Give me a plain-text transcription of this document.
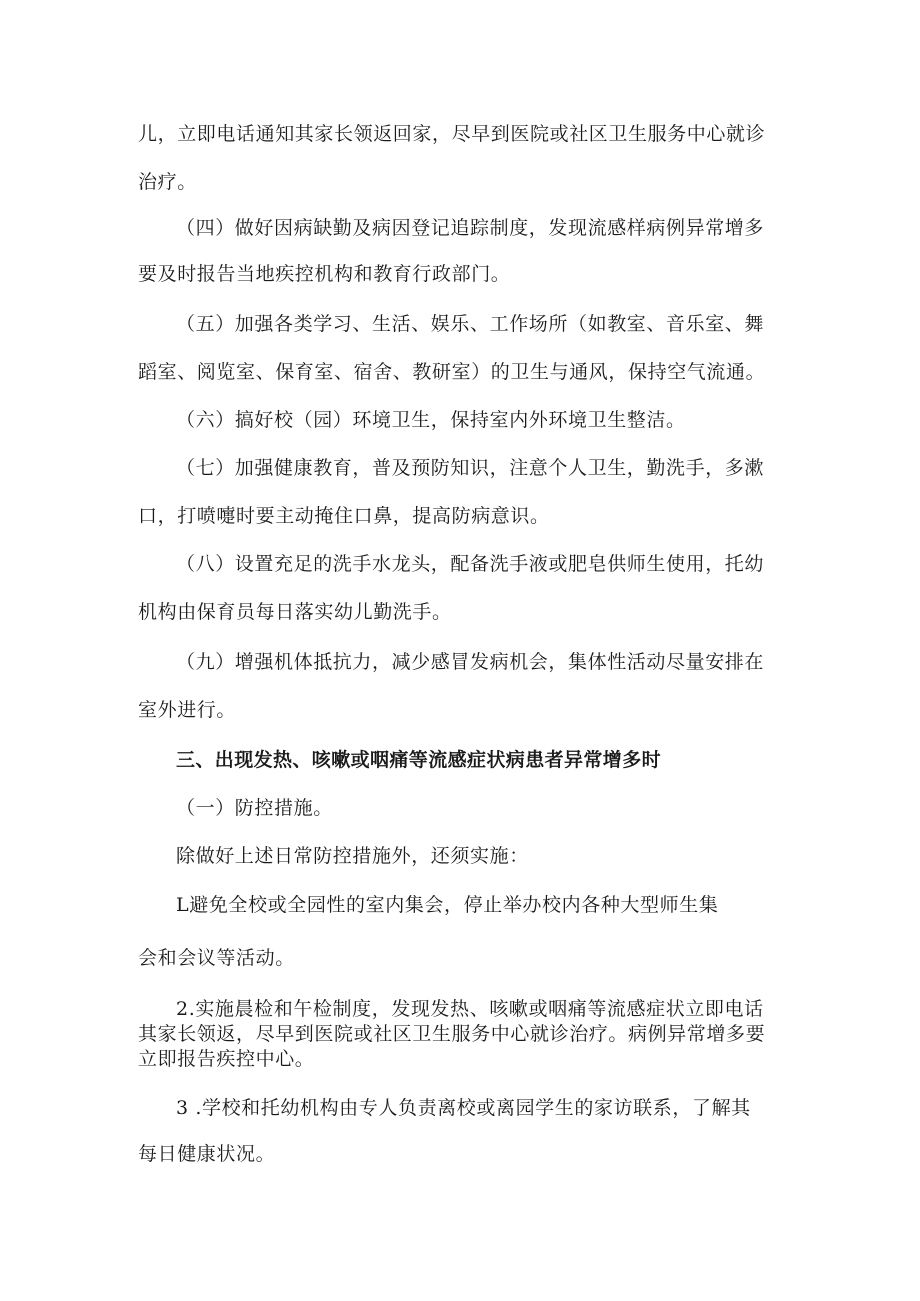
儿，立即电话通知其家长领返回家，尽早到医院或社区卫生服务中心就诊
治疗。
（四）做好因病缺勤及病因登记追踪制度，发现流感样病例异常增多
要及时报告当地疾控机构和教育行政部门。
（五）加强各类学习、生活、娱乐、工作场所（如教室、音乐室、舞
蹈室、阅览室、保育室、宿舍、教研室）的卫生与通风，保持空气流通。
（六）搞好校（园）环境卫生，保持室内外环境卫生整洁。
（七）加强健康教育，普及预防知识，注意个人卫生，勤洗手，多漱
口，打喷嚏时要主动掩住口鼻，提高防病意识。
（八）设置充足的洗手水龙头，配备洗手液或肥皂供师生使用，托幼
机构由保育员每日落实幼儿勤洗手。
（九）增强机体抵抗力，减少感冒发病机会，集体性活动尽量安排在
室外进行。
三、出现发热、咳嗽或咽痛等流感症状病患者异常增多时
（一）防控措施。
除做好上述日常防控措施外，还须实施：
L避免全校或全园性的室内集会，停止举办校内各种大型师生集
会和会议等活动。
2.实施晨检和午检制度，发现发热、咳嗽或咽痛等流感症状立即电话
其家长领返，尽早到医院或社区卫生服务中心就诊治疗。病例异常增多要
立即报告疾控中心。
3 .学校和托幼机构由专人负责离校或离园学生的家访联系，了解其
每日健康状况。
